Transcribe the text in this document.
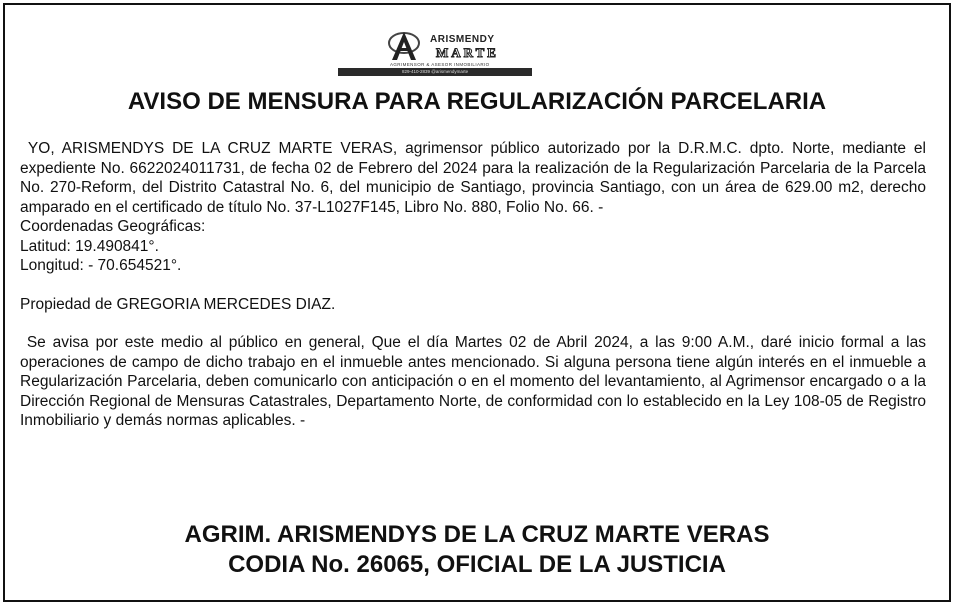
ARISMENDY
MARTE
AGRIMENSOR & ASESOR INMOBILIARIO
829-410-2839 @arismendymarte
AVISO DE MENSURA PARA REGULARIZACIÓN PARCELARIA

YO, ARISMENDYS DE LA CRUZ MARTE VERAS, agrimensor público autorizado por la D.R.M.C. dpto. Norte, mediante el expediente No. 6622024011731, de fecha 02 de Febrero del 2024 para la realización de la Regularización Parcelaria de la Parcela No. 270-Reform, del Distrito Catastral No. 6, del municipio de Santiago, provincia Santiago, con un área de 629.00 m2, derecho amparado en el certificado de título No. 37-L1027F145, Libro No. 880, Folio No. 66. -

Coordenadas Geográficas:

Latitud: 19.490841°.

Longitud: - 70.654521°.

Propiedad de GREGORIA MERCEDES DIAZ.

Se avisa por este medio al público en general, Que el día Martes 02 de Abril 2024, a las 9:00 A.M., daré inicio formal a las operaciones de campo de dicho trabajo en el inmueble antes mencionado. Si alguna persona tiene algún interés en el inmueble a Regularización Parcelaria, deben comunicarlo con anticipación o en el momento del levantamiento, al Agrimensor encargado o a la Dirección Regional de Mensuras Catastrales, Departamento Norte, de conformidad con lo establecido en la Ley 108-05 de Registro Inmobiliario y demás normas aplicables. -

AGRIM. ARISMENDYS DE LA CRUZ MARTE VERAS
CODIA No. 26065, OFICIAL DE LA JUSTICIA
